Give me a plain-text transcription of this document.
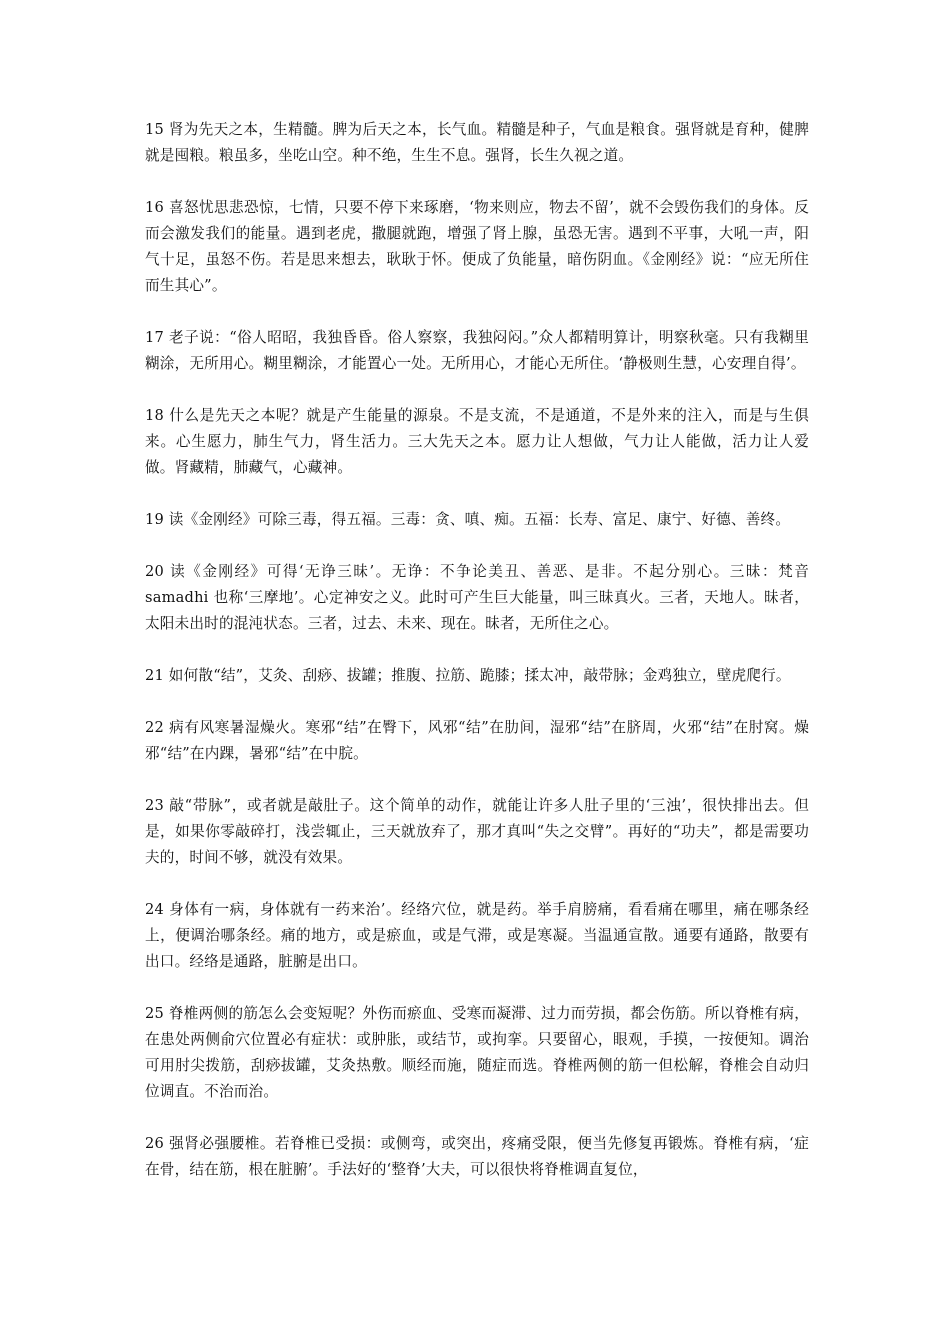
15 肾为先天之本，生精髓。脾为后天之本，长气血。精髓是种子，气血是粮食。强肾就是育种，健脾就是囤粮。粮虽多，坐吃山空。种不绝，生生不息。强肾，长生久视之道。

16 喜怒忧思悲恐惊，七情，只要不停下来琢磨，‘物来则应，物去不留’，就不会毁伤我们的身体。反而会激发我们的能量。遇到老虎，撒腿就跑，增强了肾上腺，虽恐无害。遇到不平事，大吼一声，阳气十足，虽怒不伤。若是思来想去，耿耿于怀。便成了负能量，暗伤阴血。《金刚经》说：“应无所住而生其心”。

17 老子说：“俗人昭昭，我独昏昏。俗人察察，我独闷闷。”众人都精明算计，明察秋毫。只有我糊里糊涂，无所用心。糊里糊涂，才能置心一处。无所用心，才能心无所住。‘静极则生慧，心安理自得’。

18 什么是先天之本呢？就是产生能量的源泉。不是支流，不是通道，不是外来的注入，而是与生俱来。心生愿力，肺生气力，肾生活力。三大先天之本。愿力让人想做，气力让人能做，活力让人爱做。肾藏精，肺藏气，心藏神。

19 读《金刚经》可除三毒，得五福。三毒：贪、嗔、痴。五福：长寿、富足、康宁、好德、善终。

20 读《金刚经》可得‘无诤三昧’。无诤：不争论美丑、善恶、是非。不起分别心。三昧：梵音 samadhi 也称‘三摩地’。心定神安之义。此时可产生巨大能量，叫三昧真火。三者，天地人。昧者，太阳未出时的混沌状态。三者，过去、未来、现在。昧者，无所住之心。

21 如何散“结”，艾灸、刮痧、拔罐；推腹、拉筋、跪膝；揉太冲，敲带脉；金鸡独立，壁虎爬行。

22 病有风寒暑湿燥火。寒邪“结”在臀下，风邪“结”在肋间，湿邪“结”在脐周，火邪“结”在肘窝。燥邪“结”在内踝，暑邪“结”在中脘。

23 敲“带脉”，或者就是敲肚子。这个简单的动作，就能让许多人肚子里的‘三浊’，很快排出去。但是，如果你零敲碎打，浅尝辄止，三天就放弃了，那才真叫“失之交臂”。再好的“功夫”，都是需要功夫的，时间不够，就没有效果。

24 身体有一病，身体就有一药来治’。经络穴位，就是药。举手肩膀痛，看看痛在哪里，痛在哪条经上，便调治哪条经。痛的地方，或是瘀血，或是气滞，或是寒凝。当温通宣散。通要有通路，散要有出口。经络是通路，脏腑是出口。

25 脊椎两侧的筋怎么会变短呢？外伤而瘀血、受寒而凝滞、过力而劳损，都会伤筋。所以脊椎有病，在患处两侧俞穴位置必有症状：或肿胀，或结节，或拘挛。只要留心，眼观，手摸，一按便知。调治可用肘尖拨筋，刮痧拔罐，艾灸热敷。顺经而施，随症而选。脊椎两侧的筋一但松解，脊椎会自动归位调直。不治而治。

26 强肾必强腰椎。若脊椎已受损：或侧弯，或突出，疼痛受限，便当先修复再锻炼。脊椎有病，‘症在骨，结在筋，根在脏腑’。手法好的‘整脊’大夫，可以很快将脊椎调直复位，
